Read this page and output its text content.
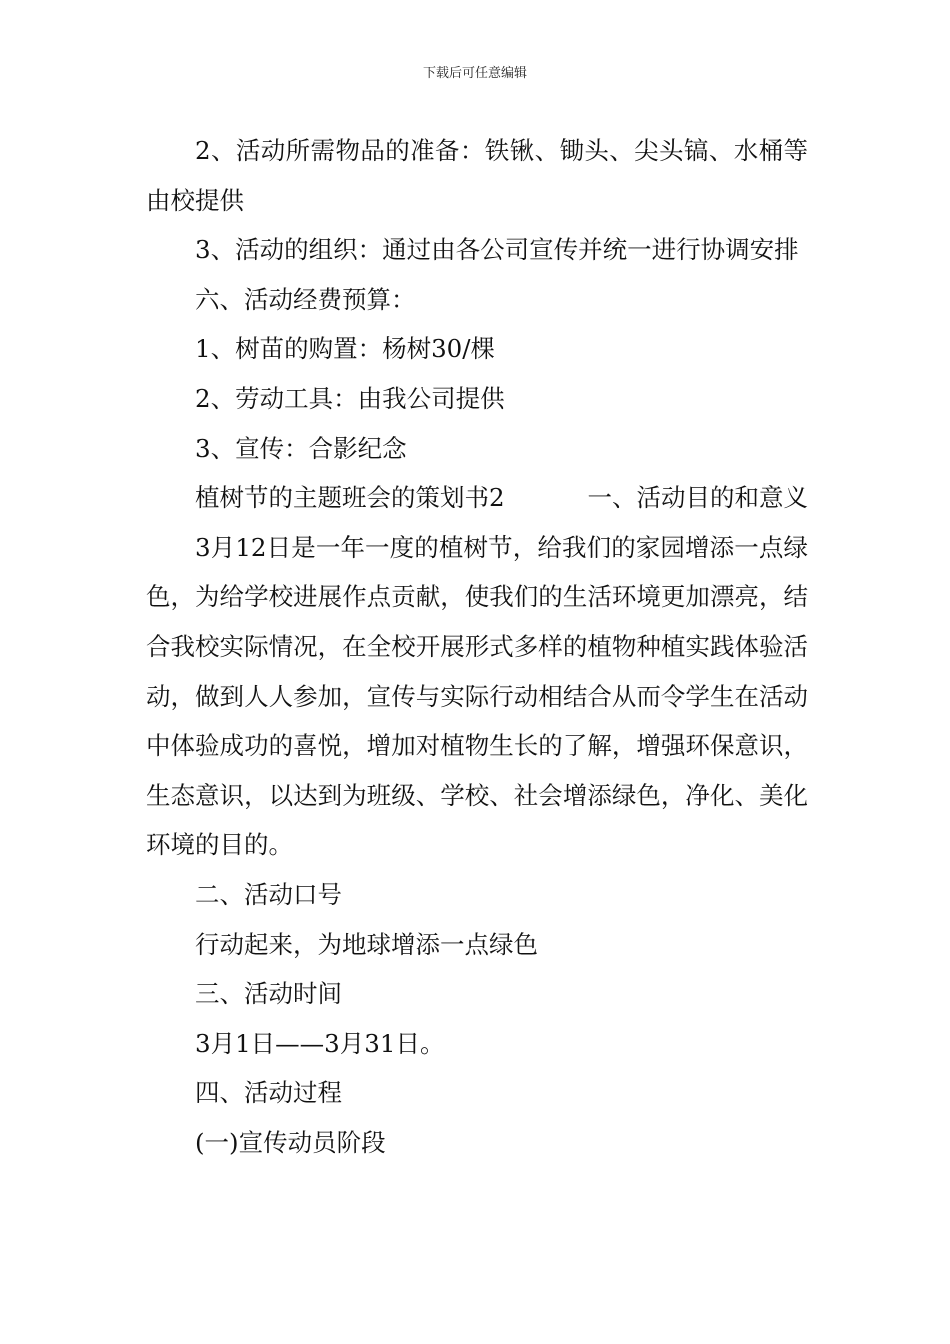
下载后可任意编辑

2、活动所需物品的准备：铁锹、锄头、尖头镐、水桶等由校提供

3、活动的组织：通过由各公司宣传并统一进行协调安排

六、活动经费预算：

1、树苗的购置：杨树30/棵

2、劳动工具：由我公司提供

3、宣传：合影纪念

植树节的主题班会的策划书2	一、活动目的和意义

3月12日是一年一度的植树节，给我们的家园增添一点绿色，为给学校进展作点贡献，使我们的生活环境更加漂亮，结合我校实际情况，在全校开展形式多样的植物种植实践体验活动，做到人人参加，宣传与实际行动相结合从而令学生在活动中体验成功的喜悦，增加对植物生长的了解，增强环保意识，生态意识，以达到为班级、学校、社会增添绿色，净化、美化环境的目的。

二、活动口号

行动起来，为地球增添一点绿色

三、活动时间

3月1日——3月31日。

四、活动过程

(一)宣传动员阶段
